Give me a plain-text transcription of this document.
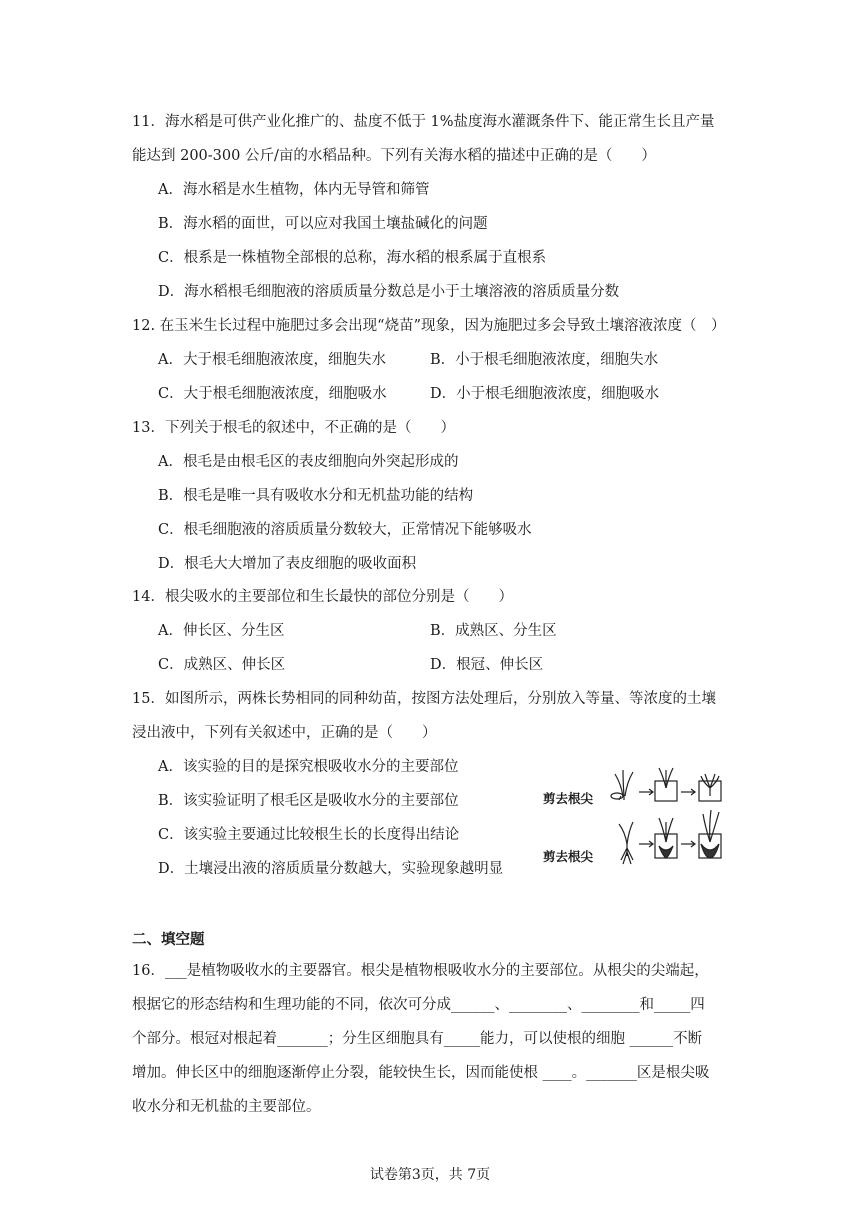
11．海水稻是可供产业化推广的、盐度不低于 1%盐度海水灌溉条件下、能正常生长且产量
能达到 200-300 公斤/亩的水稻品种。下列有关海水稻的描述中正确的是（　　）
A．海水稻是水生植物，体内无导管和筛管
B．海水稻的面世，可以应对我国土壤盐碱化的问题
C．根系是一株植物全部根的总称，海水稻的根系属于直根系
D．海水稻根毛细胞液的溶质质量分数总是小于土壤溶液的溶质质量分数
12. 在玉米生长过程中施肥过多会出现“烧苗”现象，因为施肥过多会导致土壤溶液浓度（　）
A．大于根毛细胞液浓度，细胞失水	B．小于根毛细胞液浓度，细胞失水
C．大于根毛细胞液浓度，细胞吸水	D．小于根毛细胞液浓度，细胞吸水
13．下列关于根毛的叙述中，不正确的是（　　）
A．根毛是由根毛区的表皮细胞向外突起形成的
B．根毛是唯一具有吸收水分和无机盐功能的结构
C．根毛细胞液的溶质质量分数较大，正常情况下能够吸水
D．根毛大大增加了表皮细胞的吸收面积
14．根尖吸水的主要部位和生长最快的部位分别是（　　）
A．伸长区、分生区	B．成熟区、分生区
C．成熟区、伸长区	D．根冠、伸长区
15．如图所示，两株长势相同的同种幼苗，按图方法处理后，分别放入等量、等浓度的土壤
浸出液中，下列有关叙述中，正确的是（　　）
A．该实验的目的是探究根吸收水分的主要部位
B．该实验证明了根毛区是吸收水分的主要部位
C．该实验主要通过比较根生长的长度得出结论
D．土壤浸出液的溶质质量分数越大，实验现象越明显
剪去根尖
剪去根尖
二、填空题
16．___是植物吸收水的主要器官。根尖是植物根吸收水分的主要部位。从根尖的尖端起，
根据它的形态结构和生理功能的不同，依次可分成______、________、________和_____四
个部分。根冠对根起着_______；分生区细胞具有_____能力，可以使根的细胞 ______不断
增加。伸长区中的细胞逐渐停止分裂，能较快生长，因而能使根 ____。_______区是根尖吸
收水分和无机盐的主要部位。
试卷第3页，共 7页
